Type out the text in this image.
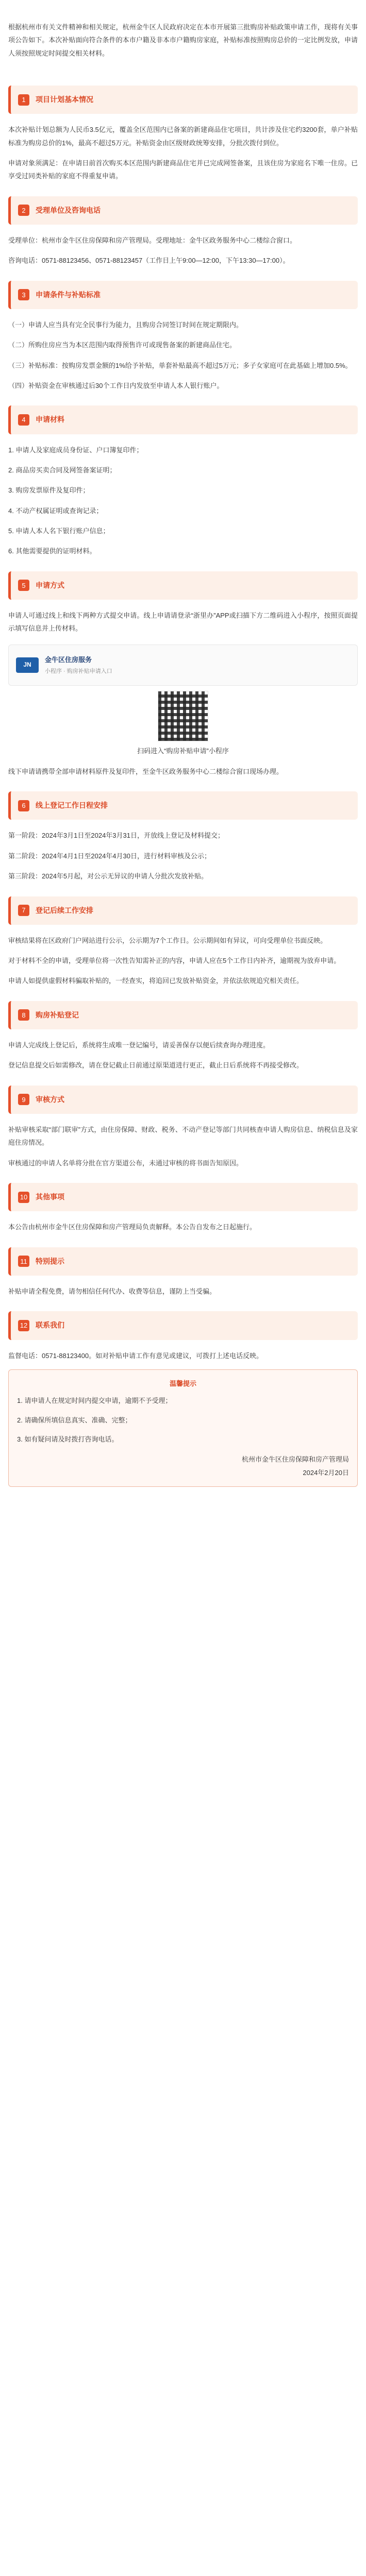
根据杭州市有关文件精神和相关规定，杭州金牛区人民政府决定在本市开展第三批购房补贴政策申请工作，现将有关事项公告如下。本次补贴面向符合条件的本市户籍及非本市户籍购房家庭，补贴标准按照购房总价的一定比例发放，申请人须按照规定时间提交相关材料。

1	项目计划基本情况

本次补贴计划总额为人民币3.5亿元，覆盖全区范围内已备案的新建商品住宅项目，共计涉及住宅约3200套，单户补贴标准为购房总价的1%，最高不超过5万元。补贴资金由区级财政统筹安排，分批次拨付到位。

申请对象须满足：在申请日前首次购买本区范围内新建商品住宅并已完成网签备案，且该住房为家庭名下唯一住房。已享受过同类补贴的家庭不得重复申请。

2	受理单位及咨询电话

受理单位：杭州市金牛区住房保障和房产管理局。受理地址：金牛区政务服务中心二楼综合窗口。

咨询电话：0571-88123456、0571-88123457（工作日上午9:00—12:00，下午13:30—17:00）。

3	申请条件与补贴标准

（一）申请人应当具有完全民事行为能力，且购房合同签订时间在规定期限内。

（二）所购住房应当为本区范围内取得预售许可或现售备案的新建商品住宅。

（三）补贴标准：按购房发票金额的1%给予补贴，单套补贴最高不超过5万元；多子女家庭可在此基础上增加0.5%。

（四）补贴资金在审核通过后30个工作日内发放至申请人本人银行账户。

4	申请材料

1. 申请人及家庭成员身份证、户口簿复印件；

2. 商品房买卖合同及网签备案证明；

3. 购房发票原件及复印件；

4. 不动产权属证明或查询记录；

5. 申请人本人名下银行账户信息；

6. 其他需要提供的证明材料。

5	申请方式

申请人可通过线上和线下两种方式提交申请。线上申请请登录“浙里办”APP或扫描下方二维码进入小程序，按照页面提示填写信息并上传材料。

JN
金牛区住房服务
小程序 · 购房补贴申请入口

扫码进入“购房补贴申请”小程序

线下申请请携带全部申请材料原件及复印件，至金牛区政务服务中心二楼综合窗口现场办理。

6	线上登记工作日程安排

第一阶段：2024年3月1日至2024年3月31日，开放线上登记及材料提交；

第二阶段：2024年4月1日至2024年4月30日，进行材料审核及公示；

第三阶段：2024年5月起，对公示无异议的申请人分批次发放补贴。

7	登记后续工作安排

审核结果将在区政府门户网站进行公示，公示期为7个工作日。公示期间如有异议，可向受理单位书面反映。

对于材料不全的申请，受理单位将一次性告知需补正的内容，申请人应在5个工作日内补齐，逾期视为放弃申请。

申请人如提供虚假材料骗取补贴的，一经查实，将追回已发放补贴资金，并依法依规追究相关责任。

8	购房补贴登记

申请人完成线上登记后，系统将生成唯一登记编号，请妥善保存以便后续查询办理进度。

登记信息提交后如需修改，请在登记截止日前通过原渠道进行更正，截止日后系统将不再接受修改。

9	审核方式

补贴审核采取“部门联审”方式，由住房保障、财政、税务、不动产登记等部门共同核查申请人购房信息、纳税信息及家庭住房情况。

审核通过的申请人名单将分批在官方渠道公布，未通过审核的将书面告知原因。

10 其他事项

本公告由杭州市金牛区住房保障和房产管理局负责解释。本公告自发布之日起施行。

11	特别提示

补贴申请全程免费，请勿相信任何代办、收费等信息，谨防上当受骗。

12 联系我们

监督电话：0571-88123400。如对补贴申请工作有意见或建议，可拨打上述电话反映。

温馨提示
1. 请申请人在规定时间内提交申请，逾期不予受理；
2. 请确保所填信息真实、准确、完整；
3. 如有疑问请及时拨打咨询电话。
杭州市金牛区住房保障和房产管理局
2024年2月20日
